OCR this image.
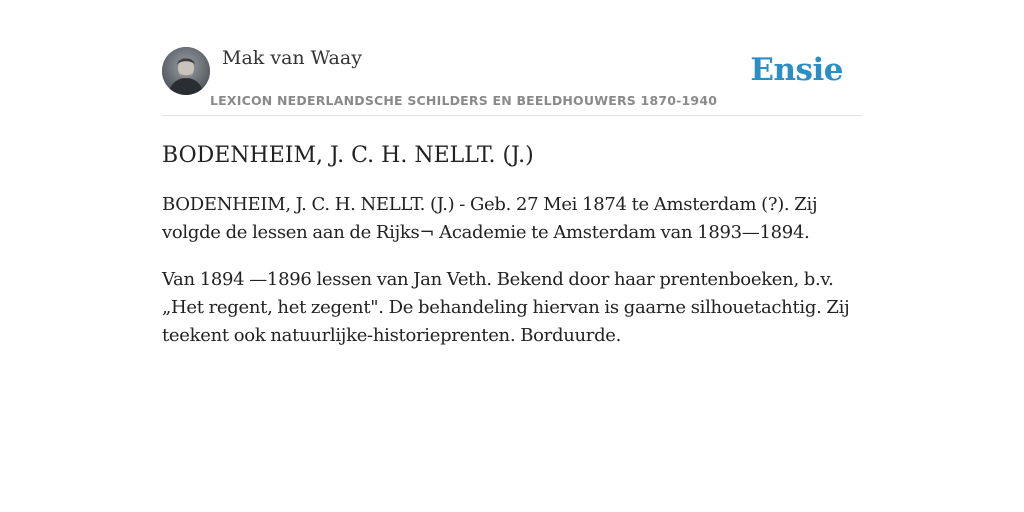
Mak van Waay
LEXICON NEDERLANDSCHE SCHILDERS EN BEELDHOUWERS 1870-1940
Ensie
BODENHEIM, J. C. H. NELLT. (J.)

BODENHEIM, J. C. H. NELLT. (J.) - Geb. 27 Mei 1874 te Amsterdam (?). Zij volgde de lessen aan de Rijks¬ Academie te Amsterdam van 1893—1894.

Van 1894 —1896 lessen van Jan Veth. Bekend door haar prentenboeken, b.v. „Het regent, het zegent". De behandeling hiervan is gaarne silhouetachtig. Zij teekent ook natuurlijke-historieprenten. Borduurde.
